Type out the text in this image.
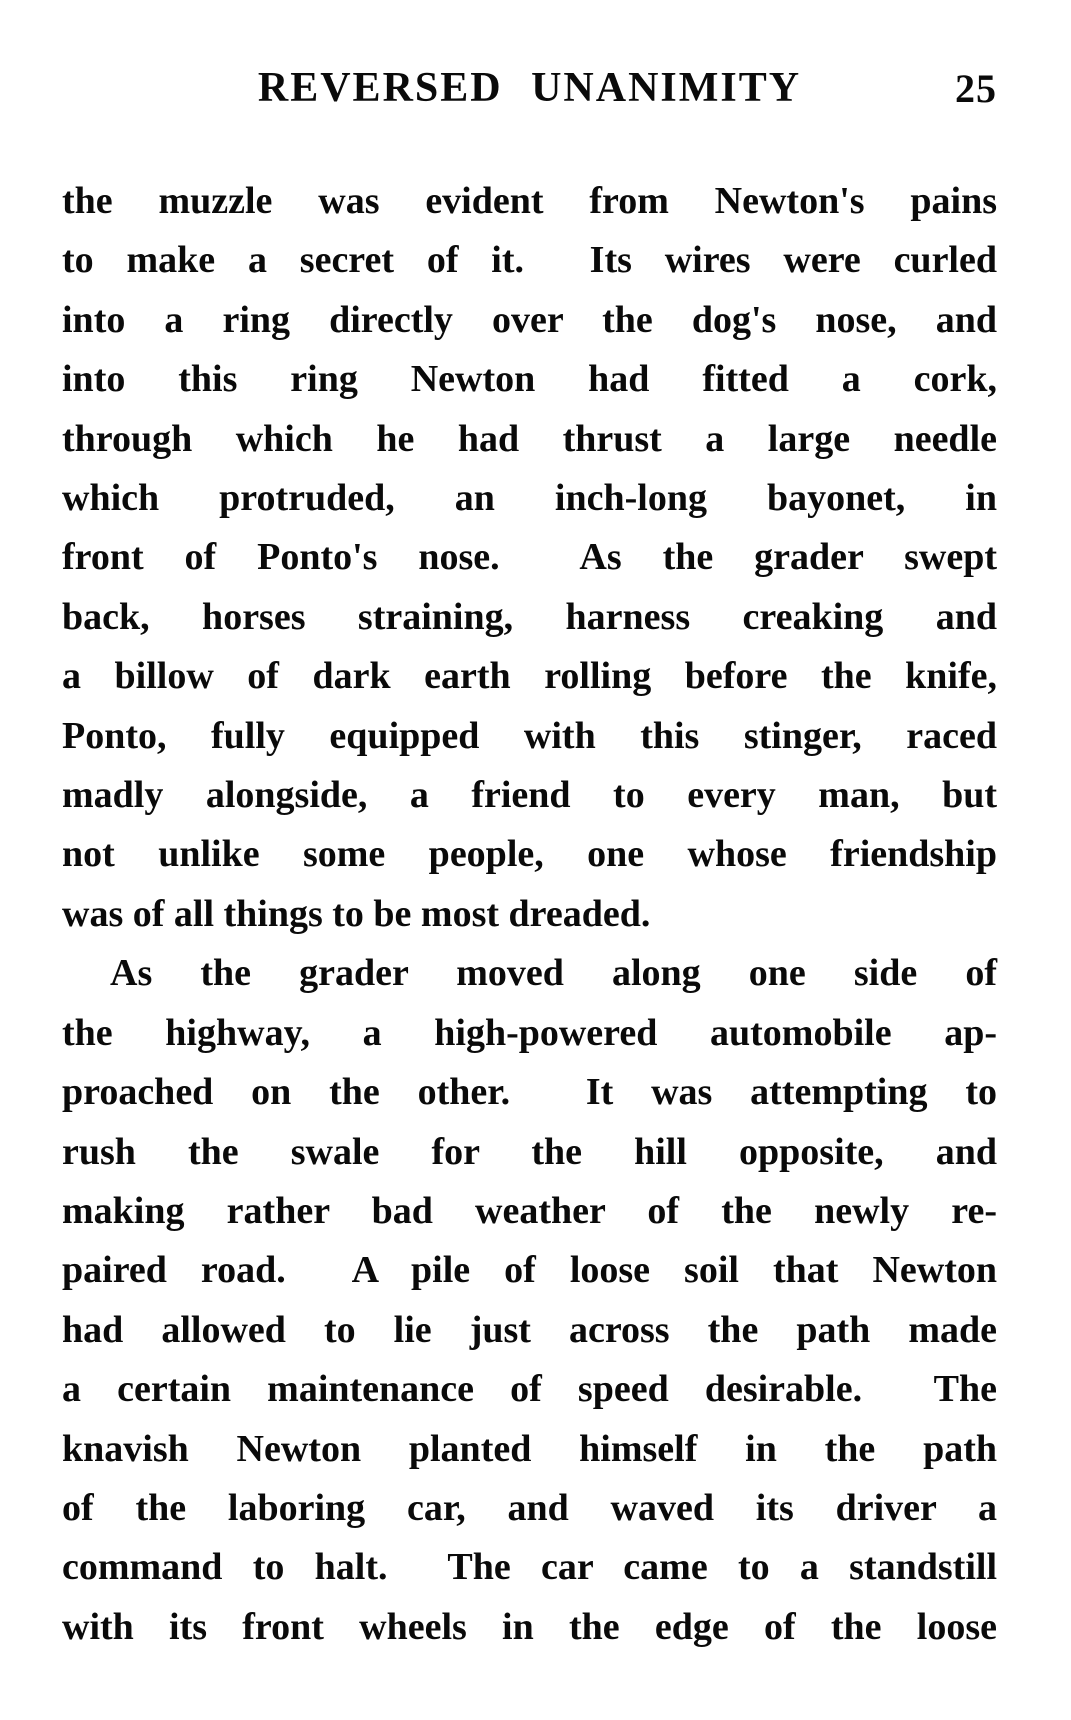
REVERSED UNANIMITY	25
the muzzle was evident from Newton's pains
to make a secret of it.  Its wires were curled
into a ring directly over the dog's nose, and
into this ring Newton had fitted a cork,
through which he had thrust a large needle
which protruded, an inch-long bayonet, in
front of Ponto's nose.  As the grader swept
back, horses straining, harness creaking and
a billow of dark earth rolling before the knife,
Ponto, fully equipped with this stinger, raced
madly alongside, a friend to every man, but
not unlike some people, one whose friendship
was of all things to be most dreaded.
As the grader moved along one side of
the highway, a high-powered automobile ap-
proached on the other.  It was attempting to
rush the swale for the hill opposite, and
making rather bad weather of the newly re-
paired road.  A pile of loose soil that Newton
had allowed to lie just across the path made
a certain maintenance of speed desirable.  The
knavish Newton planted himself in the path
of the laboring car, and waved its driver a
command to halt.  The car came to a standstill
with its front wheels in the edge of the loose
